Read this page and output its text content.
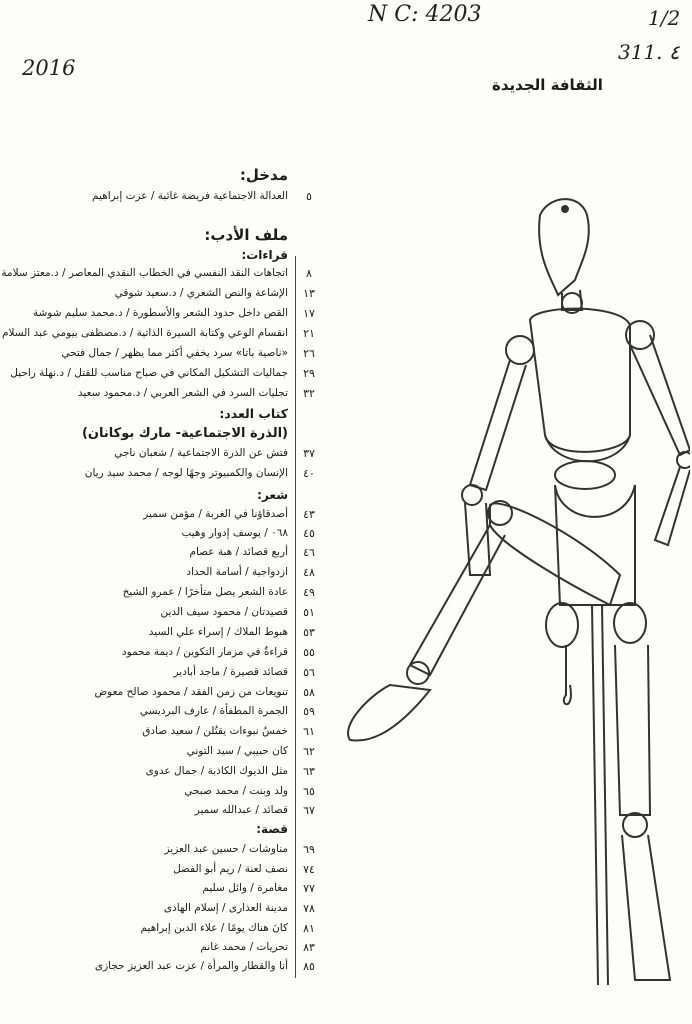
N C: 4203	1/2
311. ٤
2016
الثقافة الجديدة
مدخل:
العدالة الاجتماعية فريضة غائبة / عزت إبراهيم	٥
ملف الأدب:
قراءات:
اتجاهات النقد النفسي في الخطاب النقدي المعاصر / د.معتز سلامة	٨
الإشاعة والنص الشعري / د.سعيد شوقي	١٣
القص داخل حدود الشعر والأسطورة / د.محمد سليم شوشة	١٧
انقسام الوعي وكتابة السيرة الذاتية / د.مصطفى بيومي عبد السلام	٢١
«ناصية باتا» سرد يخفي أكثر مما يظهر / جمال فتحي	٢٦
جماليات التشكيل المكاني في صباح مناسب للقتل / د.نهلة راحيل	٢٩
تجليات السرد في الشعر العربي / د.محمود سعيد	٣٢
كتاب العدد:
(الذرة الاجتماعية- مارك بوكانان)
فتش عن الذرة الاجتماعية / شعبان ناجي	٣٧
الإنسان والكمبيوتر وجهًا لوجه / محمد سيد ريان	٤٠
شعر:
أصدقاؤنا في الغربة / مؤمن سمير	٤٣
٠٦٨ / يوسف إدوار وهيب	٤٥
أربع قصائد / هبة عصام	٤٦
ازدواجية / أسامة الحداد	٤٨
عادة الشعر يصل متأخرًا / عمرو الشيخ	٤٩
قصيدتان / محمود سيف الدين	٥١
هبوط الملاك / إسراء علي السيد	٥٣
قراءةٌ في مزمار التكوين / ديمة محمود	٥٥
قصائد قصيرة / ماجد أبادير	٥٦
تنويعات من زمن الفقد / محمود صالح معوض	٥٨
الجمرة المطفأة / عارف البرديسي	٥٩
خمسُ نبوءات يقتُلن / سعيد صادق	٦١
كان حبيبي / سيد التوني	٦٢
مثل الديوك الكاذبة / جمال عدوى	٦٣
ولد وبنت / محمد صبحي	٦٥
قصائد / عبدالله سمير	٦٧
قصة:
مناوشات / حسين عبد العزيز	٦٩
نصف لعنة / ريم أبو الفضل	٧٤
مغامرة / وائل سليم	٧٧
مدينة العذارى / إسلام الهادى	٧٨
كانَ هناك يومًا / علاء الدين إبراهيم	٨١
تحريات / محمد غانم	٨٣
أنا والقطار والمرأة / عزت عبد العزيز حجازى	٨٥
